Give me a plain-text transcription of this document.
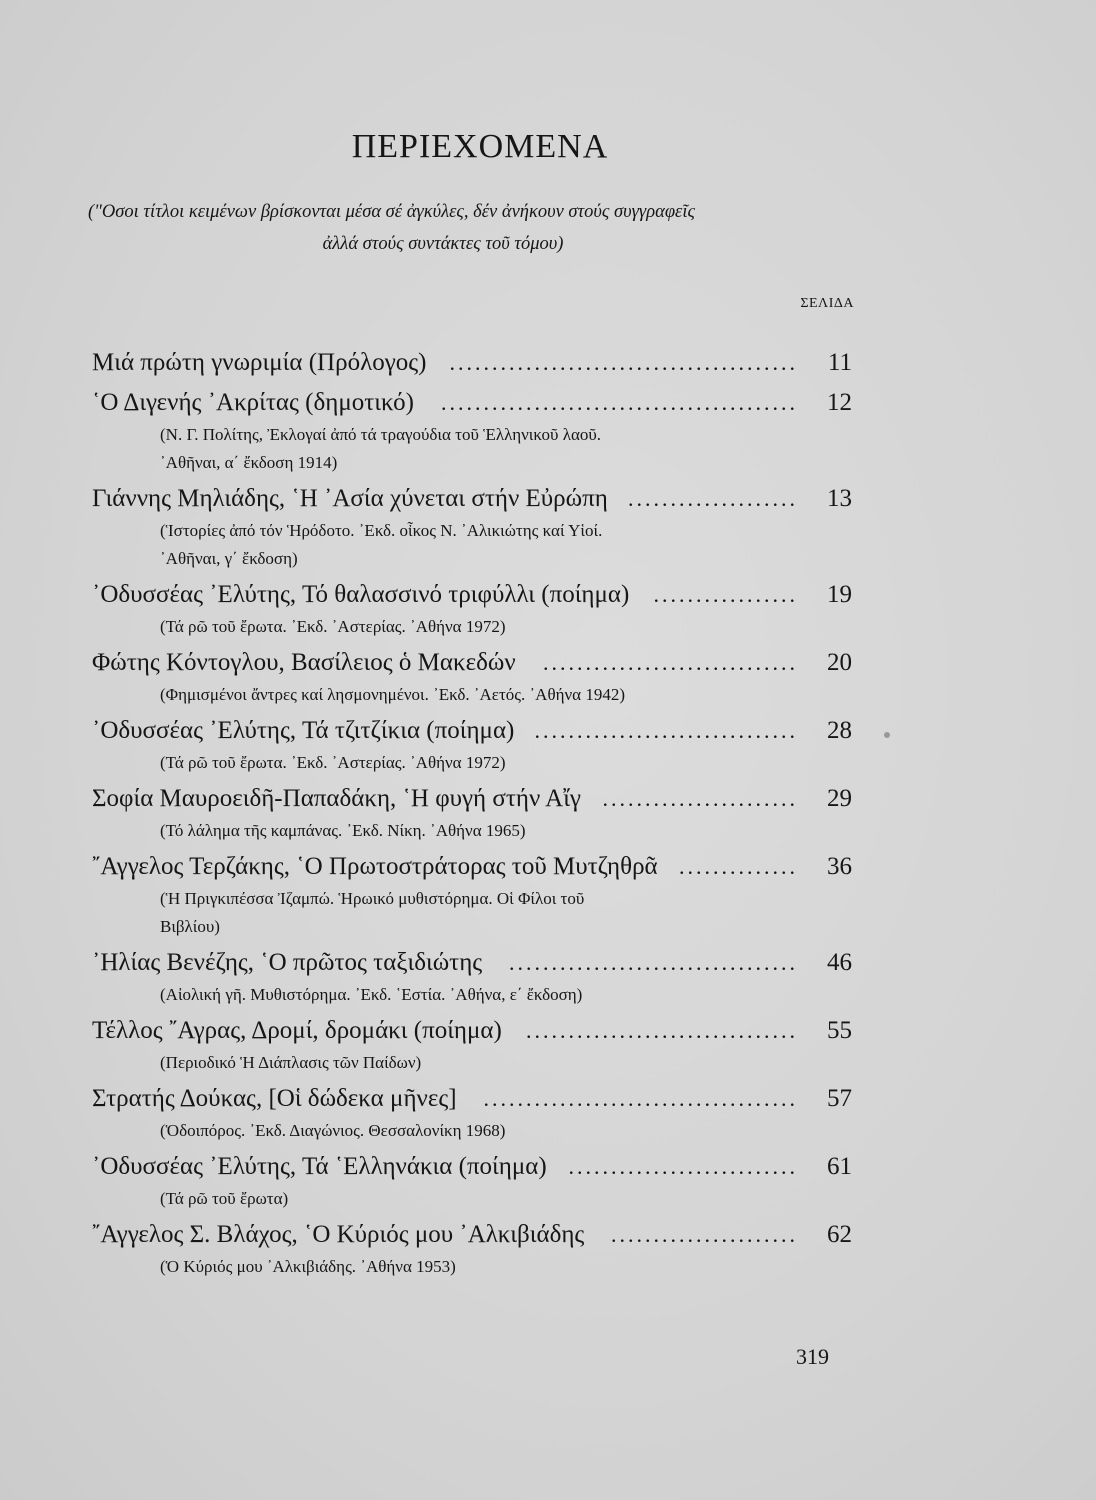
ΠΕΡΙΕΧΟΜΕΝΑ
("Οσοι τίτλοι κειμένων βρίσκονται μέσα σέ ἀγκύλες, δέν ἀνήκουν στούς συγγραφεῖς
ἀλλά στούς συντάκτες τοῦ τόμου)
ΣΕΛΙΔΑ
Μιά πρώτη γνωριμία (Πρόλογος) .........................................	11
῾Ο Διγενής ᾿Ακρίτας (δημοτικό) ..........................................	12
(Ν. Γ. Πολίτης, Ἐκλογαί ἀπό τά τραγούδια τοῦ Ἑλληνικοῦ λαοῦ.
᾿Αθῆναι, α΄ ἔκδοση 1914)
Γιάννης Μηλιάδης, ῾Η ᾿Ασία χύνεται στήν Εὐρώπη ....................	13
(Ἱστορίες ἀπό τόν Ἡρόδοτο. ᾿Εκδ. οἶκος Ν. ᾿Αλικιώτης καί Υἱοί.
᾿Αθῆναι, γ΄ ἔκδοση)
᾿Οδυσσέας ᾿Ελύτης, Τό θαλασσινό τριφύλλι (ποίημα) .................	19
(Τά ρῶ τοῦ ἔρωτα. ᾿Εκδ. ᾿Αστερίας. ᾿Αθήνα 1972)
Φώτης Κόντογλου, Βασίλειος ὁ Μακεδών ..............................	20
(Φημισμένοι ἄντρες καί λησμονημένοι. ᾿Εκδ. ᾿Αετός. ᾿Αθήνα 1942)
᾿Οδυσσέας ᾿Ελύτης, Τά τζιτζίκια (ποίημα) ...............................	28
(Τά ρῶ τοῦ ἔρωτα. ᾿Εκδ. ᾿Αστερίας. ᾿Αθήνα 1972)
Σοφία Μαυροειδῆ-Παπαδάκη, ῾Η φυγή στήν Αἴγ .......................	29
(Τό λάλημα τῆς καμπάνας. ᾿Εκδ. Νίκη. ᾿Αθήνα 1965)
῎Αγγελος Τερζάκης, ῾Ο Πρωτοστράτορας τοῦ Μυτζηθρᾶ ..............	36
(Ἡ Πριγκιπέσσα Ἰζαμπώ. Ἡρωικό μυθιστόρημα. Οἱ Φίλοι τοῦ
Βιβλίου)
᾿Ηλίας Βενέζης, ῾Ο πρῶτος ταξιδιώτης ..................................	46
(Αἰολική γῆ. Μυθιστόρημα. ᾿Εκδ. ῾Εστία. ᾿Αθήνα, ε΄ ἔκδοση)
Τέλλος ῎Αγρας, Δρομί, δρομάκι (ποίημα) ................................	55
(Περιοδικό Ἡ Διάπλασις τῶν Παίδων)
Στρατής Δούκας, [Οἱ δώδεκα μῆνες] .....................................	57
(Ὁδοιπόρος. ᾿Εκδ. Διαγώνιος. Θεσσαλονίκη 1968)
᾿Οδυσσέας ᾿Ελύτης, Τά ῾Ελληνάκια (ποίημα) ...........................	61
(Τά ρῶ τοῦ ἔρωτα)
῎Αγγελος Σ. Βλάχος, ῾Ο Κύριός μου ᾿Αλκιβιάδης ......................	62
(Ὁ Κύριός μου ᾿Αλκιβιάδης. ᾿Αθήνα 1953)
319
